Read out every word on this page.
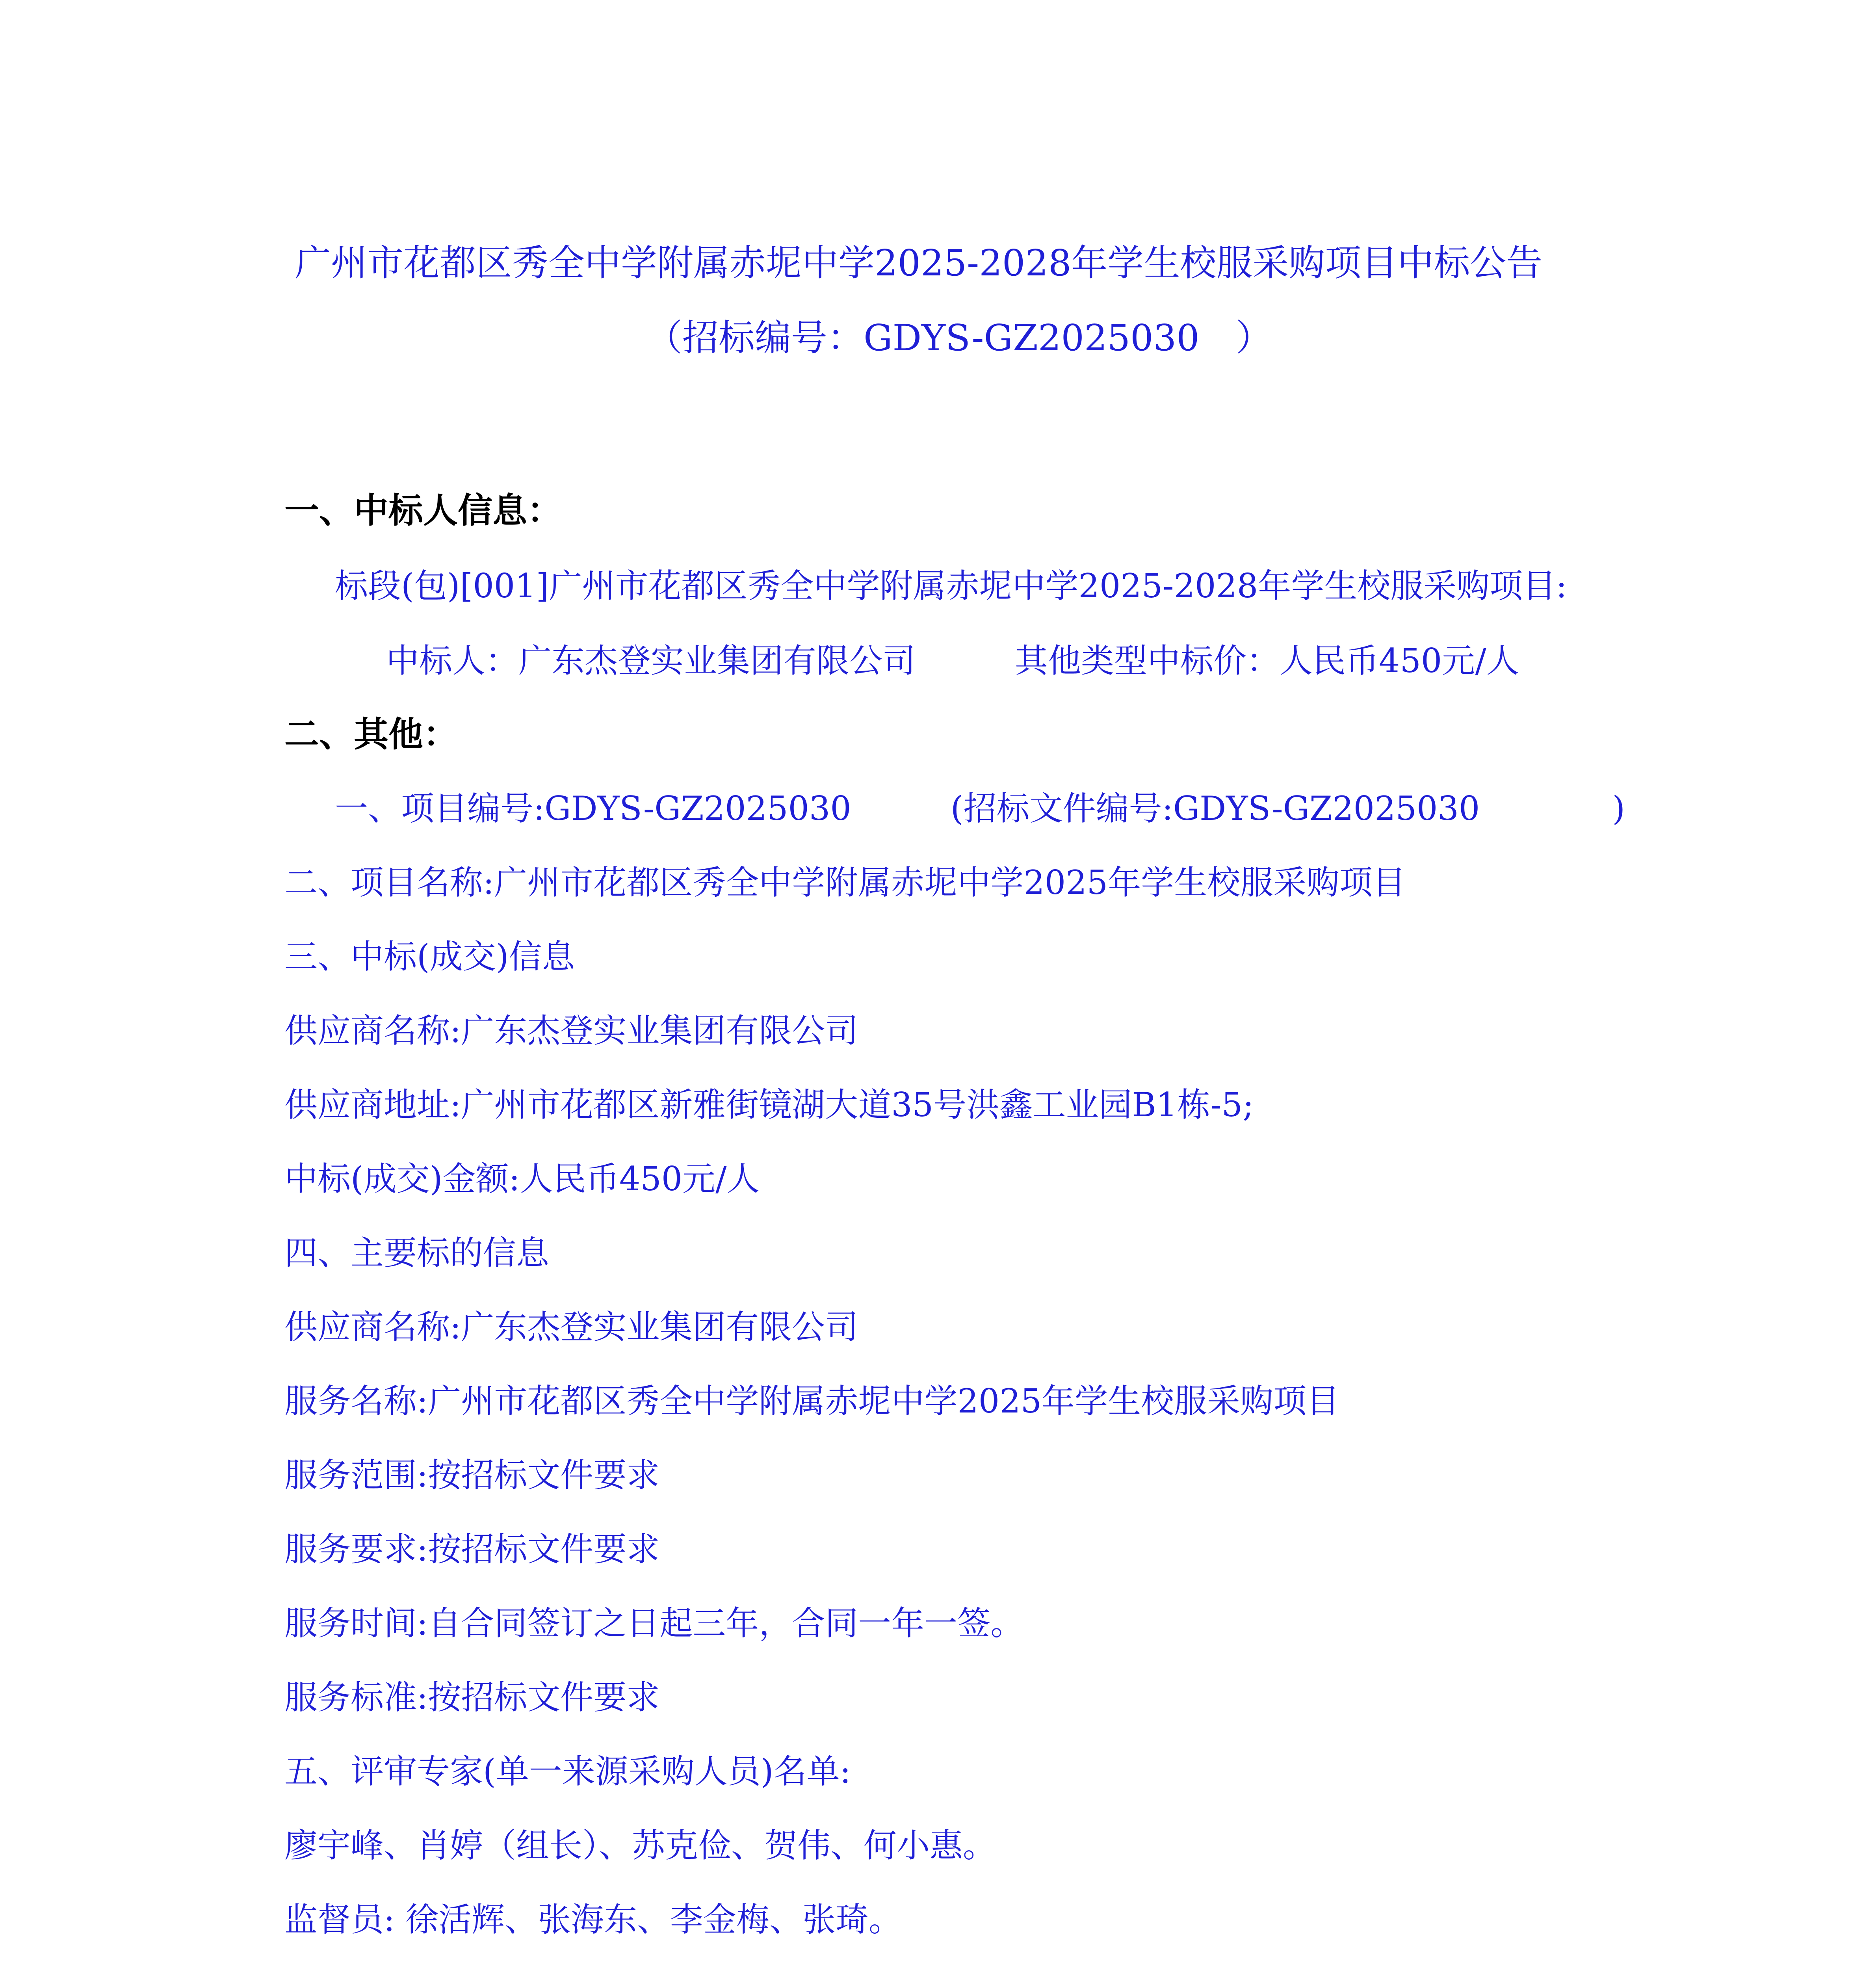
广州市花都区秀全中学附属赤坭中学2025-2028年学生校服采购项目中标公告
（招标编号：GDYS-GZ2025030　）
一、中标人信息：
标段(包)[001]广州市花都区秀全中学附属赤坭中学2025-2028年学生校服采购项目:
中标人：广东杰登实业集团有限公司　　　其他类型中标价：人民币450元/人
二、其他：
一、项目编号:GDYS-GZ2025030　　　(招标文件编号:GDYS-GZ2025030　　　　)
二、项目名称:广州市花都区秀全中学附属赤坭中学2025年学生校服采购项目
三、中标(成交)信息
供应商名称:广东杰登实业集团有限公司
供应商地址:广州市花都区新雅街镜湖大道35号洪鑫工业园B1栋-5;
中标(成交)金额:人民币450元/人
四、主要标的信息
供应商名称:广东杰登实业集团有限公司
服务名称:广州市花都区秀全中学附属赤坭中学2025年学生校服采购项目
服务范围:按招标文件要求
服务要求:按招标文件要求
服务时间:自合同签订之日起三年，合同一年一签。
服务标准:按招标文件要求
五、评审专家(单一来源采购人员)名单:
廖宇峰、肖婷（组长）、苏克俭、贺伟、何小惠。
监督员: 徐活辉、张海东、李金梅、张琦。
